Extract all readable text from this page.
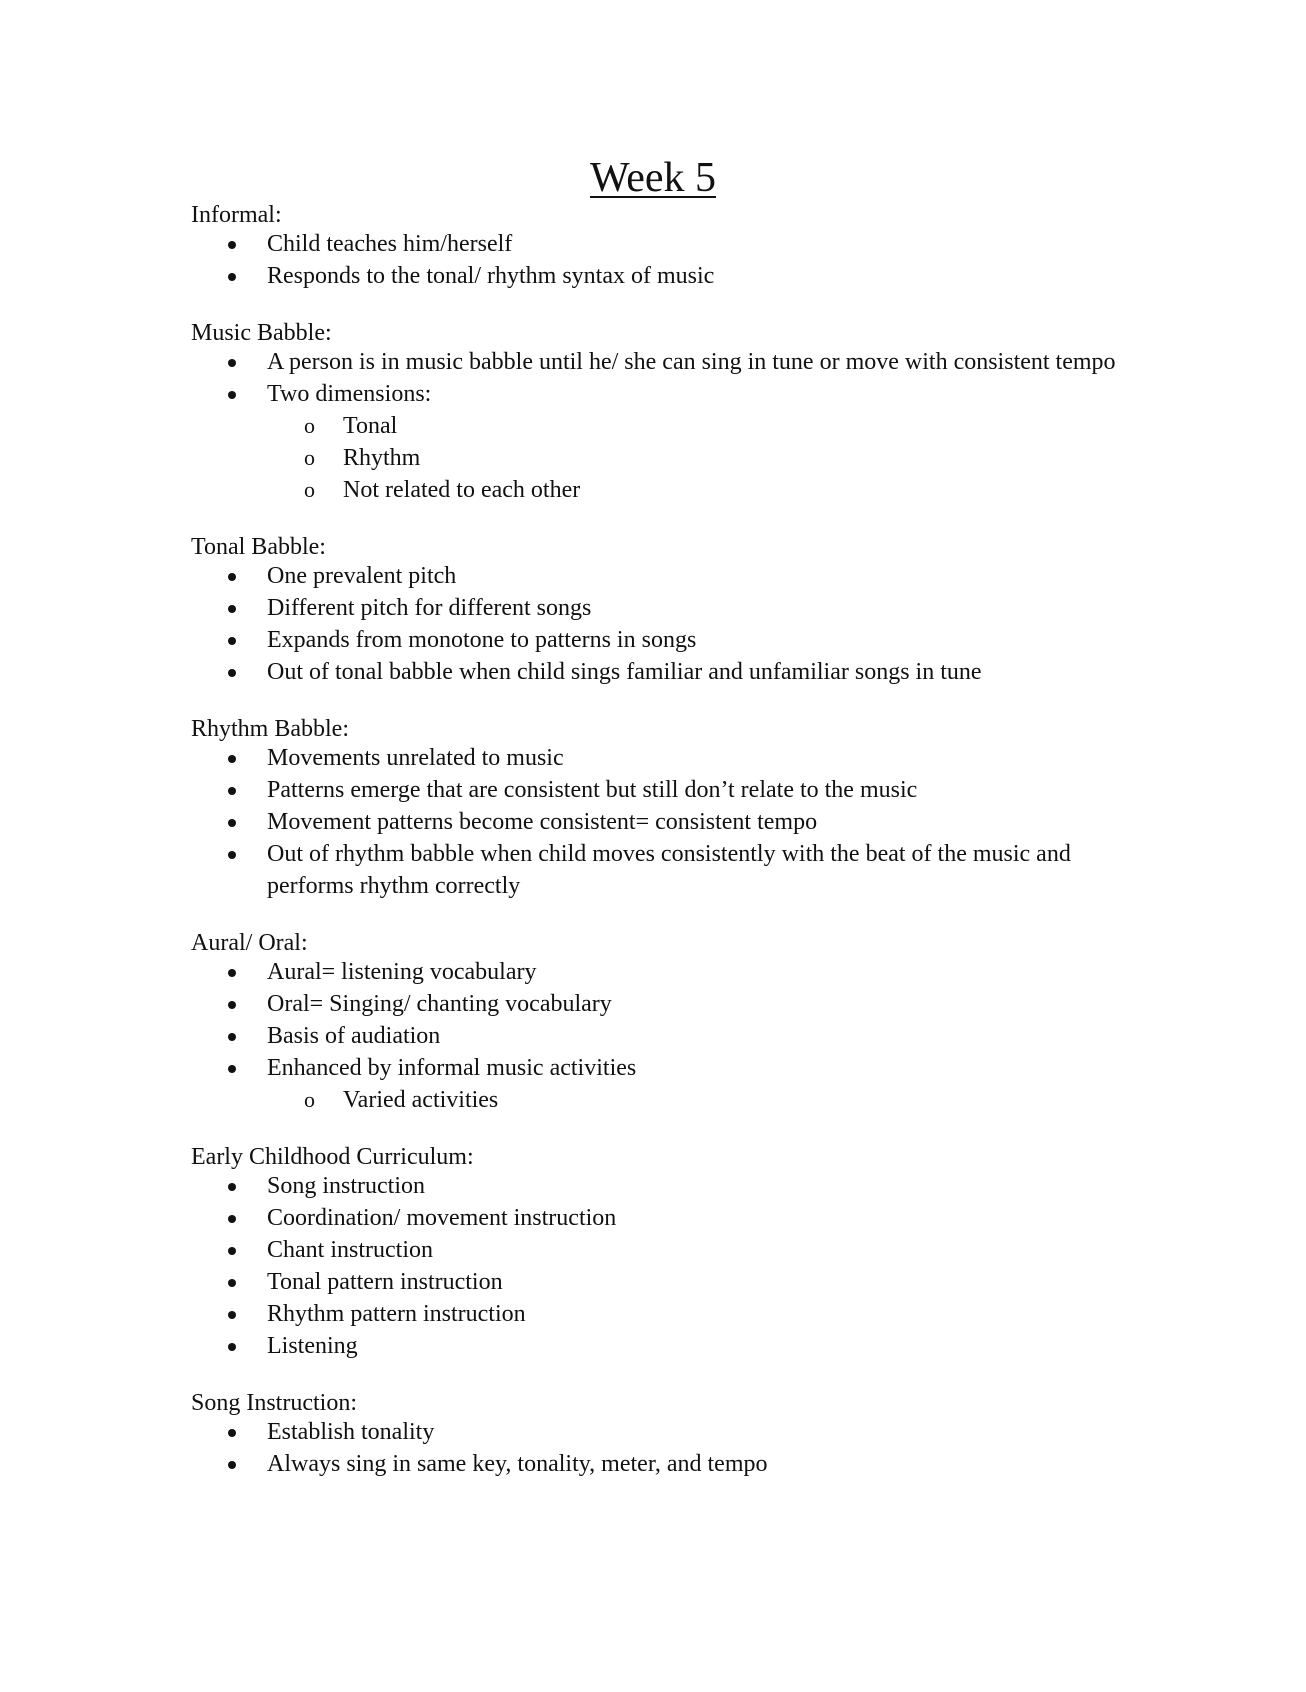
Week 5
Informal:
Child teaches him/herself
Responds to the tonal/ rhythm syntax of music
Music Babble:
A person is in music babble until he/ she can sing in tune or move with consistent tempo
Two dimensions:
o Tonal
o Rhythm
o Not related to each other
Tonal Babble:
One prevalent pitch
Different pitch for different songs
Expands from monotone to patterns in songs
Out of tonal babble when child sings familiar and unfamiliar songs in tune
Rhythm Babble:
Movements unrelated to music
Patterns emerge that are consistent but still don’t relate to the music
Movement patterns become consistent= consistent tempo
Out of rhythm babble when child moves consistently with the beat of the music and performs rhythm correctly
Aural/ Oral:
Aural= listening vocabulary
Oral= Singing/ chanting vocabulary
Basis of audiation
Enhanced by informal music activities
o Varied activities
Early Childhood Curriculum:
Song instruction
Coordination/ movement instruction
Chant instruction
Tonal pattern instruction
Rhythm pattern instruction
Listening
Song Instruction:
Establish tonality
Always sing in same key, tonality, meter, and tempo
